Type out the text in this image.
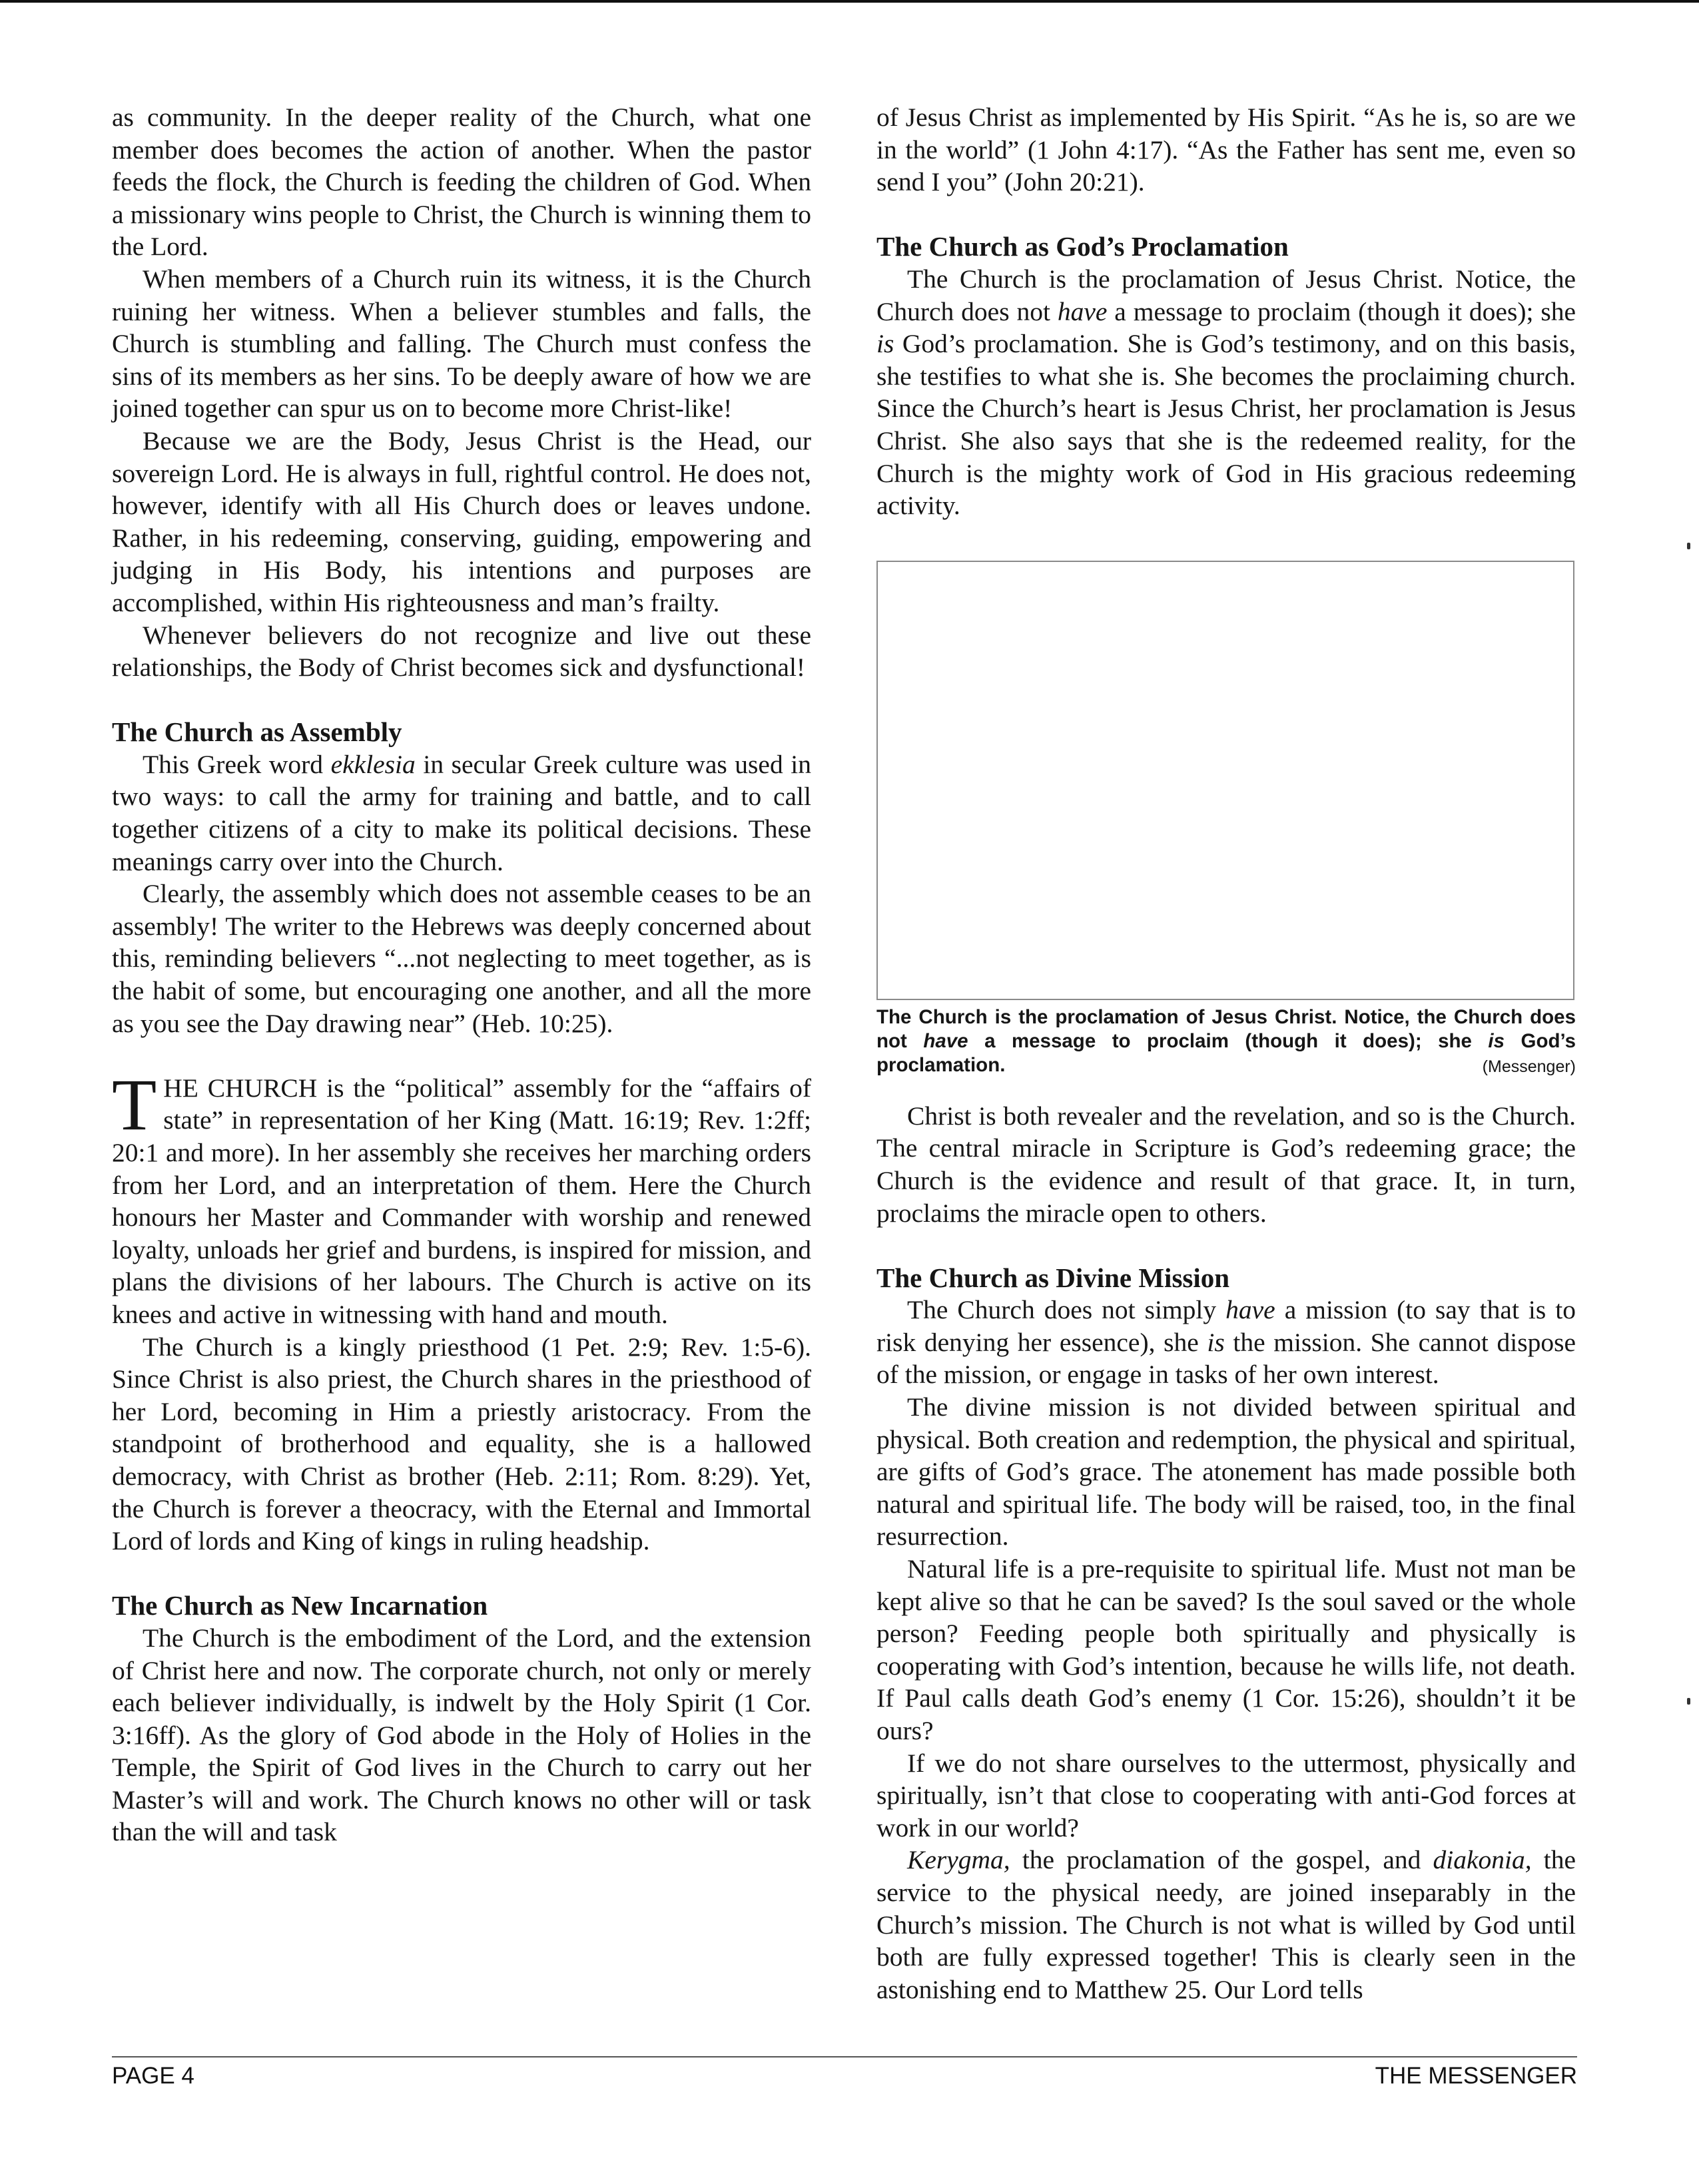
as community. In the deeper reality of the Church, what one member does becomes the action of another. When the pastor feeds the flock, the Church is feeding the children of God. When a missionary wins people to Christ, the Church is winning them to the Lord.

When members of a Church ruin its witness, it is the Church ruining her witness. When a believer stumbles and falls, the Church is stumbling and falling. The Church must confess the sins of its members as her sins. To be deeply aware of how we are joined together can spur us on to become more Christ-like!

Because we are the Body, Jesus Christ is the Head, our sovereign Lord. He is always in full, rightful control. He does not, however, identify with all His Church does or leaves undone. Rather, in his redeeming, conserving, guiding, empowering and judging in His Body, his intentions and purposes are accomplished, within His righteousness and man’s frailty.

Whenever believers do not recognize and live out these relationships, the Body of Christ becomes sick and dysfunctional!

The Church as Assembly

This Greek word ekklesia in secular Greek culture was used in two ways: to call the army for training and battle, and to call together citizens of a city to make its political decisions. These meanings carry over into the Church.

Clearly, the assembly which does not assemble ceases to be an assembly! The writer to the Hebrews was deeply concerned about this, reminding believers “...not neglecting to meet together, as is the habit of some, but encouraging one another, and all the more as you see the Day drawing near” (Heb. 10:25).

THE CHURCH is the “political” assembly for the “affairs of state” in representation of her King (Matt. 16:19; Rev. 1:2ff; 20:1 and more). In her assembly she receives her marching orders from her Lord, and an interpretation of them. Here the Church honours her Master and Commander with worship and renewed loyalty, unloads her grief and burdens, is inspired for mission, and plans the divisions of her labours. The Church is active on its knees and active in witnessing with hand and mouth.

The Church is a kingly priesthood (1 Pet. 2:9; Rev. 1:5-6). Since Christ is also priest, the Church shares in the priesthood of her Lord, becoming in Him a priestly aristocracy. From the standpoint of brotherhood and equality, she is a hallowed democracy, with Christ as brother (Heb. 2:11; Rom. 8:29). Yet, the Church is forever a theocracy, with the Eternal and Immortal Lord of lords and King of kings in ruling headship.

The Church as New Incarnation

The Church is the embodiment of the Lord, and the extension of Christ here and now. The corporate church, not only or merely each believer individually, is indwelt by the Holy Spirit (1 Cor. 3:16ff). As the glory of God abode in the Holy of Holies in the Temple, the Spirit of God lives in the Church to carry out her Master’s will and work. The Church knows no other will or task than the will and task

of Jesus Christ as implemented by His Spirit. “As he is, so are we in the world” (1 John 4:17). “As the Father has sent me, even so send I you” (John 20:21).

The Church as God’s Proclamation

The Church is the proclamation of Jesus Christ. Notice, the Church does not have a message to proclaim (though it does); she is God’s proclamation. She is God’s testimony, and on this basis, she testifies to what she is. She becomes the proclaiming church. Since the Church’s heart is Jesus Christ, her proclamation is Jesus Christ. She also says that she is the redeemed reality, for the Church is the mighty work of God in His gracious redeeming activity.

The Church is the proclamation of Jesus Christ. Notice, the Church does not have a message to proclaim (though it does); she is God’s proclamation.	(Messenger)

Christ is both revealer and the revelation, and so is the Church. The central miracle in Scripture is God’s redeeming grace; the Church is the evidence and result of that grace. It, in turn, proclaims the miracle open to others.

The Church as Divine Mission

The Church does not simply have a mission (to say that is to risk denying her essence), she is the mission. She cannot dispose of the mission, or engage in tasks of her own interest.

The divine mission is not divided between spiritual and physical. Both creation and redemption, the physical and spiritual, are gifts of God’s grace. The atonement has made possible both natural and spiritual life. The body will be raised, too, in the final resurrection.

Natural life is a pre-requisite to spiritual life. Must not man be kept alive so that he can be saved? Is the soul saved or the whole person? Feeding people both spiritually and physically is cooperating with God’s intention, because he wills life, not death. If Paul calls death God’s enemy (1 Cor. 15:26), shouldn’t it be ours?

If we do not share ourselves to the uttermost, physically and spiritually, isn’t that close to cooperating with anti-God forces at work in our world?

Kerygma, the proclamation of the gospel, and diakonia, the service to the physical needy, are joined inseparably in the Church’s mission. The Church is not what is willed by God until both are fully expressed together! This is clearly seen in the astonishing end to Matthew 25. Our Lord tells

PAGE 4	THE MESSENGER
